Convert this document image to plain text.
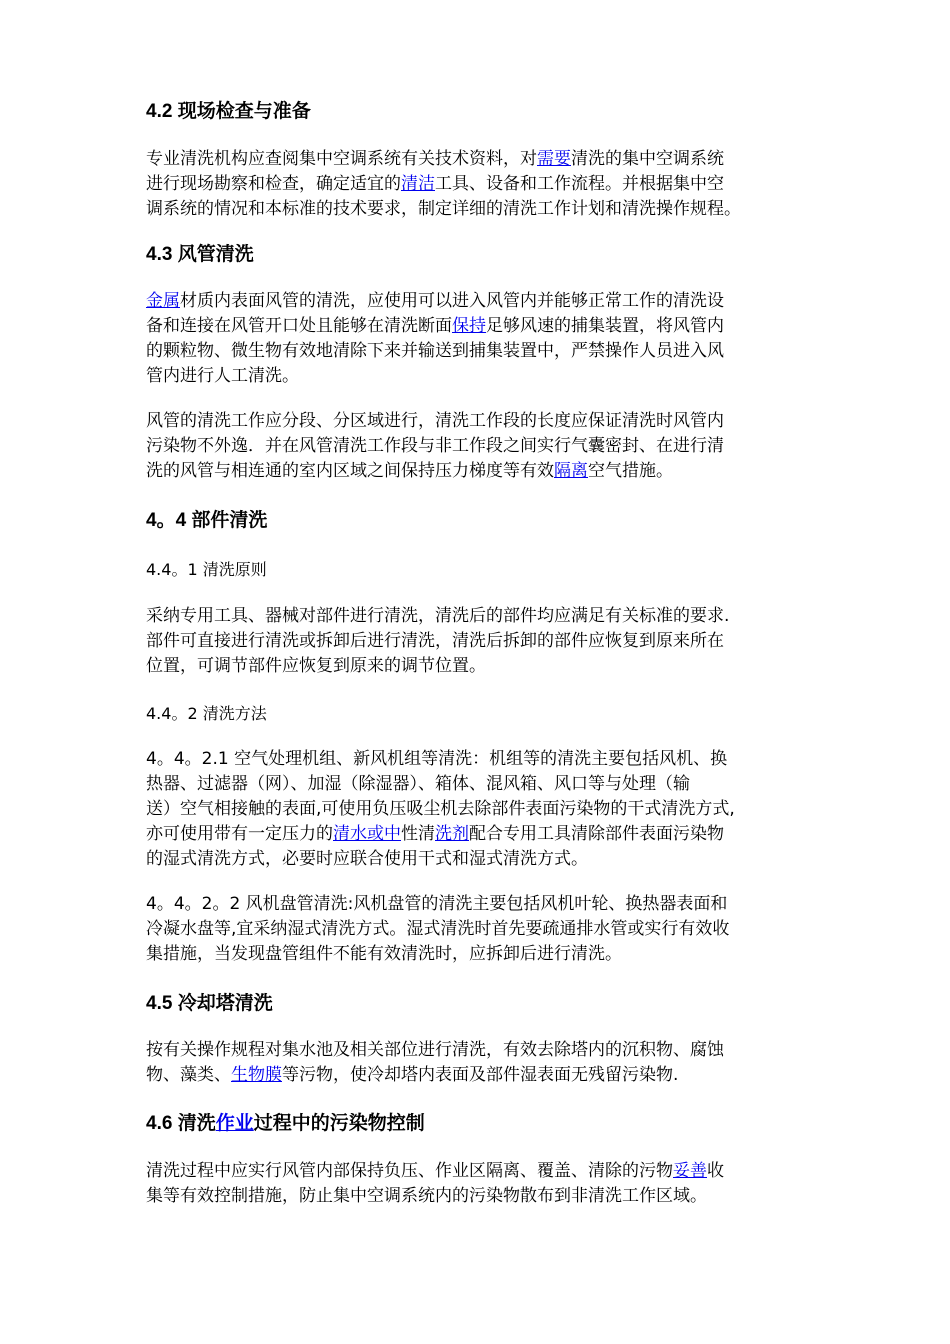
4.2 现场检查与准备
专业清洗机构应查阅集中空调系统有关技术资料，对需要清洗的集中空调系统
进行现场勘察和检查，确定适宜的清洁工具、设备和工作流程。并根据集中空
调系统的情况和本标准的技术要求，制定详细的清洗工作计划和清洗操作规程。
4.3 风管清洗
金属材质内表面风管的清洗，应使用可以进入风管内并能够正常工作的清洗设
备和连接在风管开口处且能够在清洗断面保持足够风速的捕集装置，将风管内
的颗粒物、微生物有效地清除下来并输送到捕集装置中，严禁操作人员进入风
管内进行人工清洗。
风管的清洗工作应分段、分区域进行，清洗工作段的长度应保证清洗时风管内
污染物不外逸．并在风管清洗工作段与非工作段之间实行气囊密封、在进行清
洗的风管与相连通的室内区域之间保持压力梯度等有效隔离空气措施。
4。4 部件清洗
4.4。1 清洗原则
采纳专用工具、器械对部件进行清洗，清洗后的部件均应满足有关标准的要求.
部件可直接进行清洗或拆卸后进行清洗，清洗后拆卸的部件应恢复到原来所在
位置，可调节部件应恢复到原来的调节位置。
4.4。2 清洗方法
4。4。2.1 空气处理机组、新风机组等清洗：机组等的清洗主要包括风机、换
热器、过滤器（网）、加湿（除湿器）、箱体、混风箱、风口等与处理（输
送）空气相接触的表面,可使用负压吸尘机去除部件表面污染物的干式清洗方式,
亦可使用带有一定压力的清水或中性清洗剂配合专用工具清除部件表面污染物
的湿式清洗方式，必要时应联合使用干式和湿式清洗方式。
4。4。2。2 风机盘管清洗:风机盘管的清洗主要包括风机叶轮、换热器表面和
冷凝水盘等,宜采纳湿式清洗方式。湿式清洗时首先要疏通排水管或实行有效收
集措施，当发现盘管组件不能有效清洗时，应拆卸后进行清洗。
4.5 冷却塔清洗
按有关操作规程对集水池及相关部位进行清洗，有效去除塔内的沉积物、腐蚀
物、藻类、生物膜等污物，使冷却塔内表面及部件湿表面无残留污染物.
4.6 清洗作业过程中的污染物控制
清洗过程中应实行风管内部保持负压、作业区隔离、覆盖、清除的污物妥善收
集等有效控制措施，防止集中空调系统内的污染物散布到非清洗工作区域。
